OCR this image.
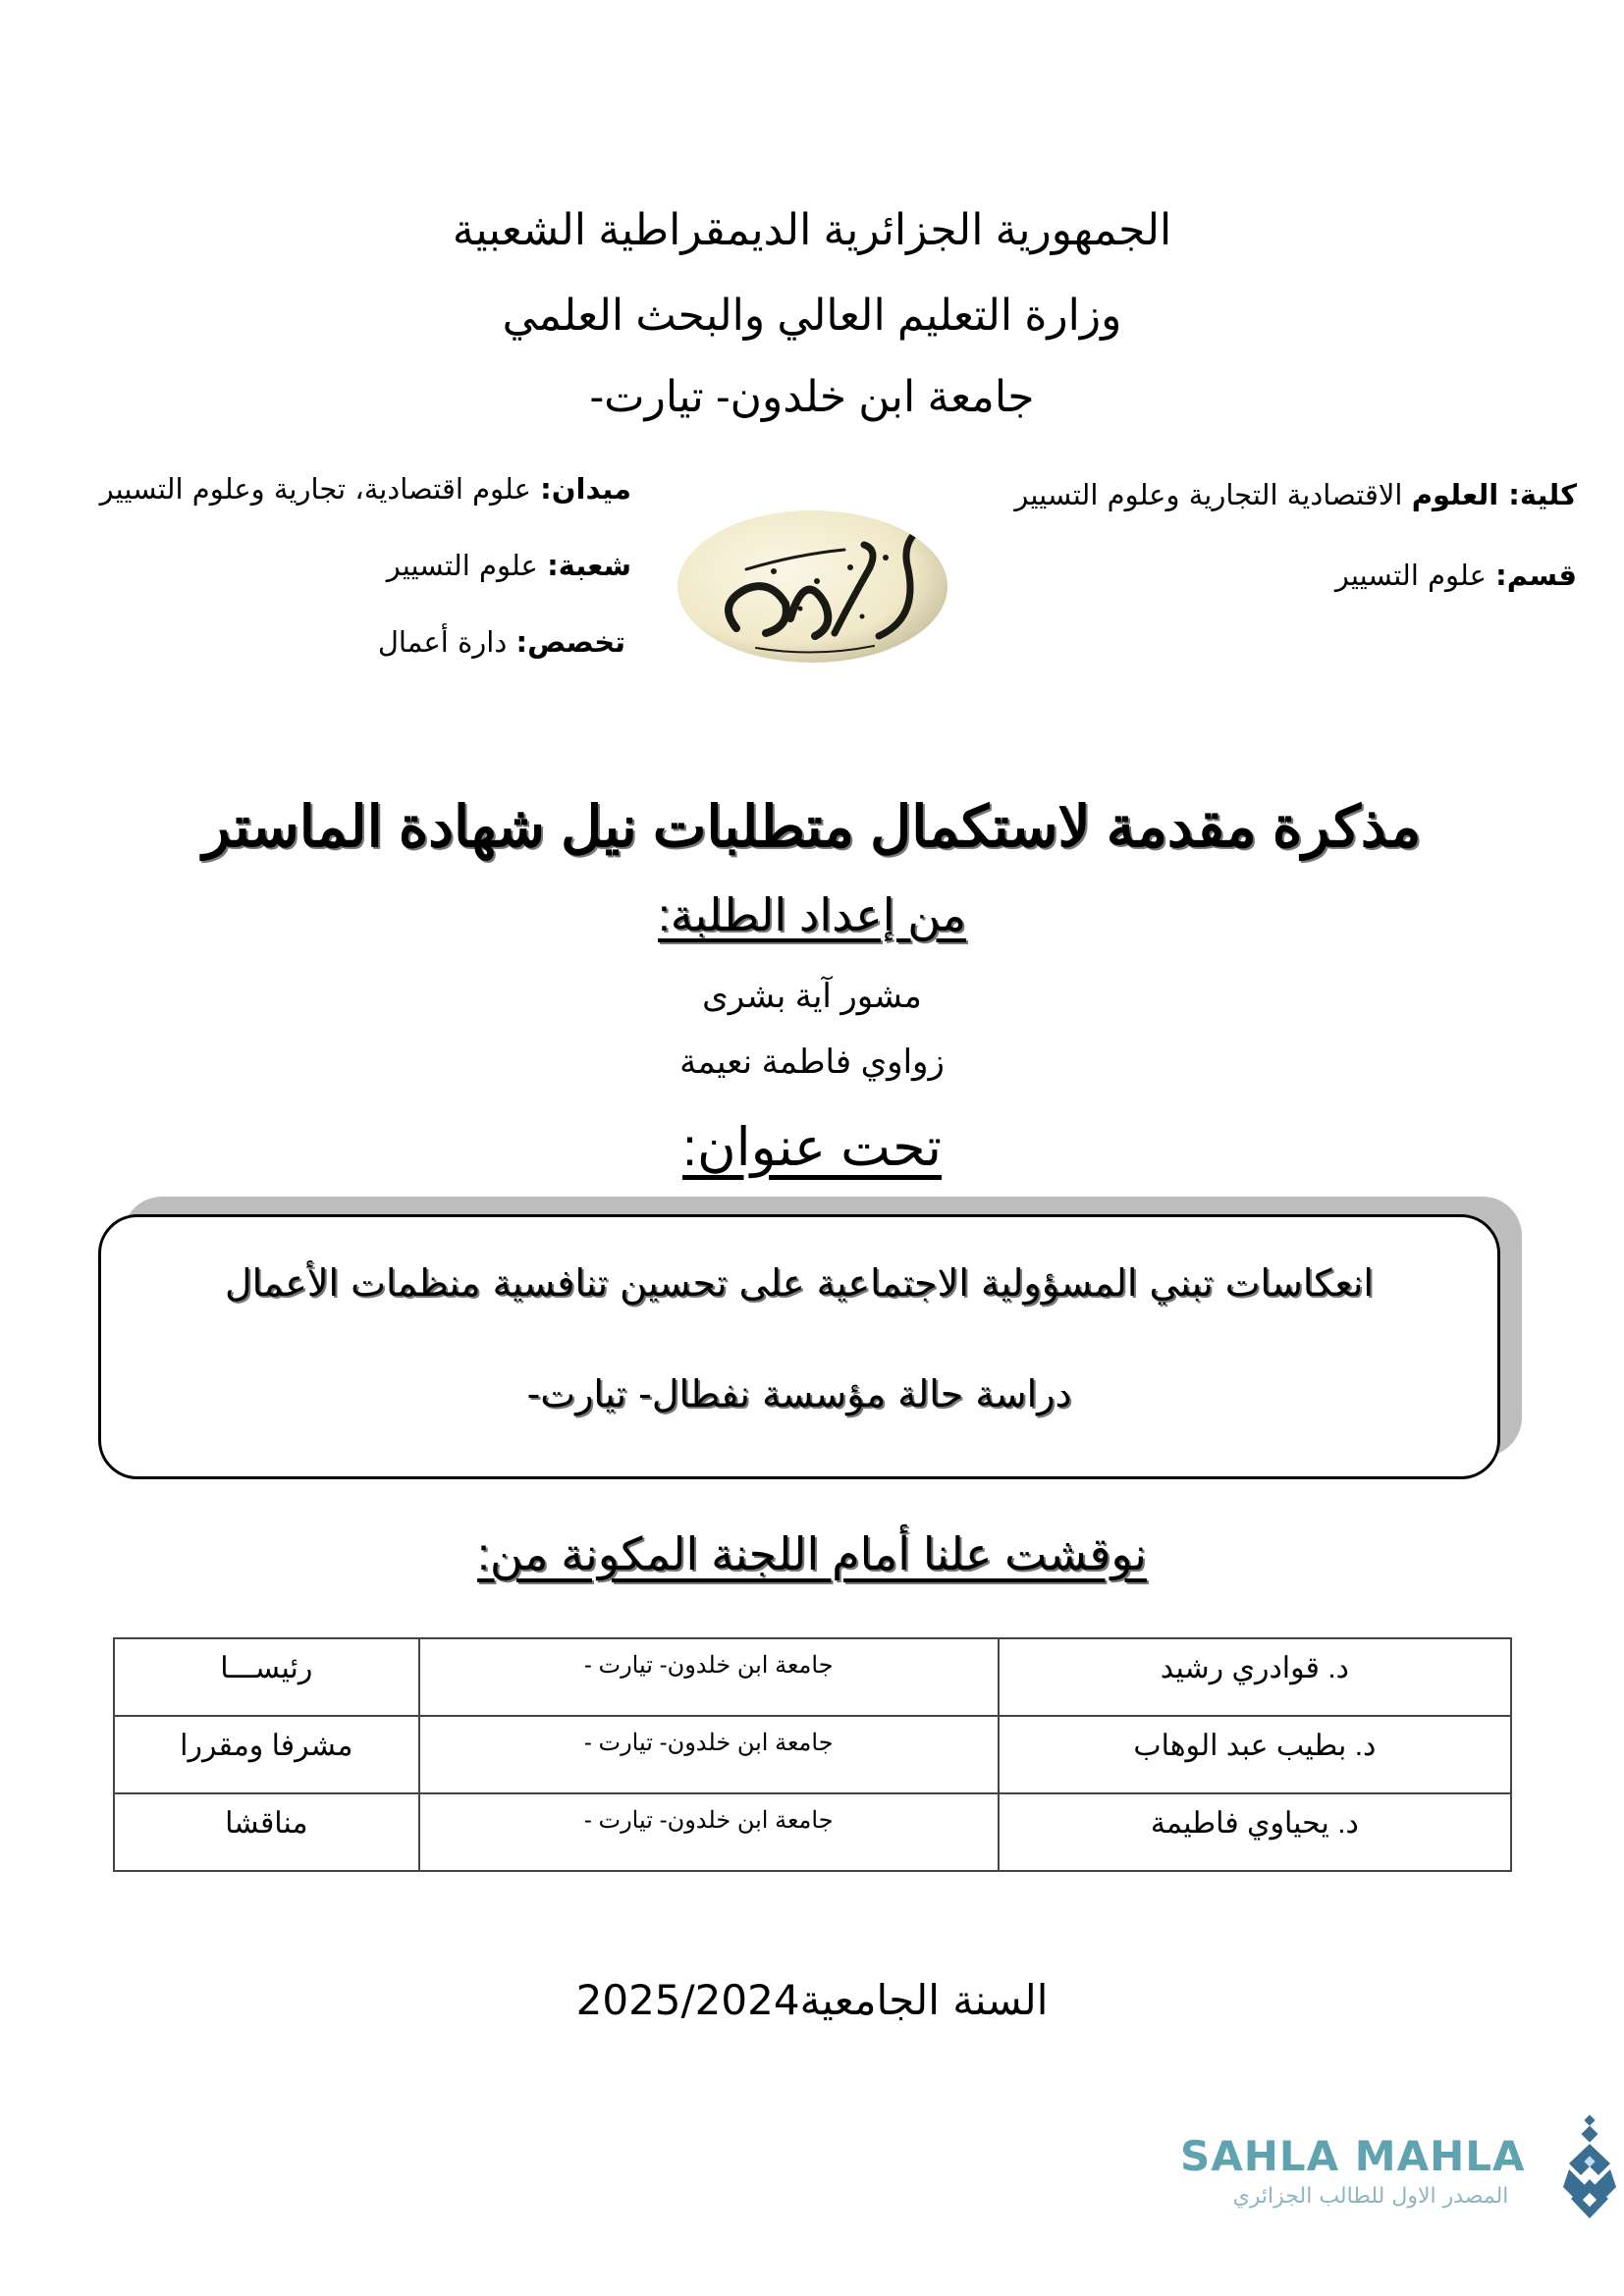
الجمهورية الجزائرية الديمقراطية الشعبية
وزارة التعليم العالي والبحث العلمي
جامعة ابن خلدون- تيارت-
كلية: العلوم الاقتصادية التجارية وعلوم التسيير
قسم: علوم التسيير
ميدان: علوم اقتصادية، تجارية وعلوم التسيير
شعبة: علوم التسيير
تخصص: دارة أعمال
مذكرة مقدمة لاستكمال متطلبات نيل شهادة الماستر
من إعداد الطلبة:
مشور آية بشرى
زواوي فاطمة نعيمة
تحت عنوان:
انعكاسات تبني المسؤولية الاجتماعية على تحسين تنافسية منظمات الأعمال
دراسة حالة مؤسسة نفطال- تيارت-
نوقشت علنا أمام اللجنة المكونة من:
د. قوادري رشيد	جامعة ابن خلدون- تيارت -	رئيســـا
د. بطيب عبد الوهاب	جامعة ابن خلدون- تيارت -	مشرفا ومقررا
د. يحياوي فاطيمة	جامعة ابن خلدون- تيارت -	مناقشا
السنة الجامعية2025/2024
SAHLA MAHLA
المصدر الاول للطالب الجزائري
